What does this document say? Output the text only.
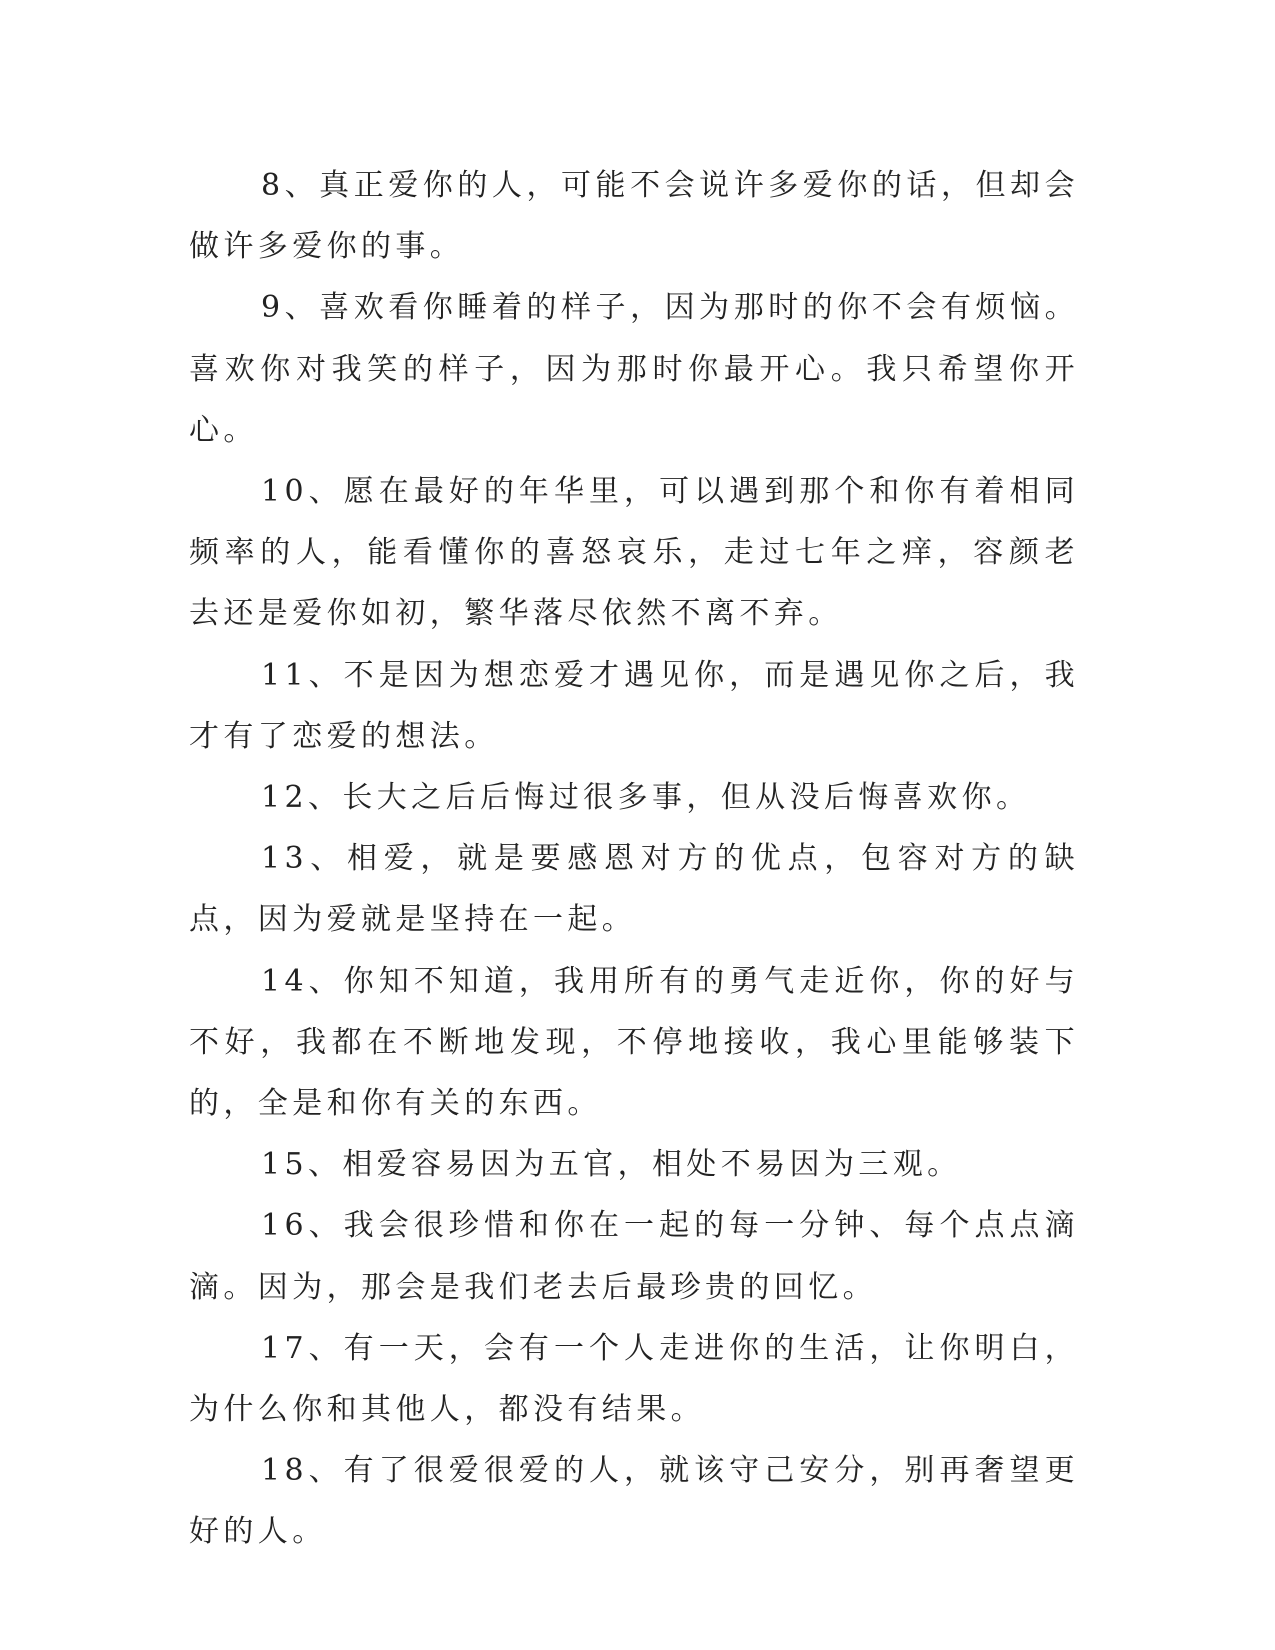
8、真正爱你的人，可能不会说许多爱你的话，但却会做许多爱你的事。

9、喜欢看你睡着的样子，因为那时的你不会有烦恼。喜欢你对我笑的样子，因为那时你最开心。我只希望你开心。

10、愿在最好的年华里，可以遇到那个和你有着相同频率的人，能看懂你的喜怒哀乐，走过七年之痒，容颜老去还是爱你如初，繁华落尽依然不离不弃。

11、不是因为想恋爱才遇见你，而是遇见你之后，我才有了恋爱的想法。

12、长大之后后悔过很多事，但从没后悔喜欢你。

13、相爱，就是要感恩对方的优点，包容对方的缺点，因为爱就是坚持在一起。

14、你知不知道，我用所有的勇气走近你，你的好与不好，我都在不断地发现，不停地接收，我心里能够装下的，全是和你有关的东西。

15、相爱容易因为五官，相处不易因为三观。

16、我会很珍惜和你在一起的每一分钟、每个点点滴滴。因为，那会是我们老去后最珍贵的回忆。

17、有一天，会有一个人走进你的生活，让你明白，为什么你和其他人，都没有结果。

18、有了很爱很爱的人，就该守己安分，别再奢望更好的人。
